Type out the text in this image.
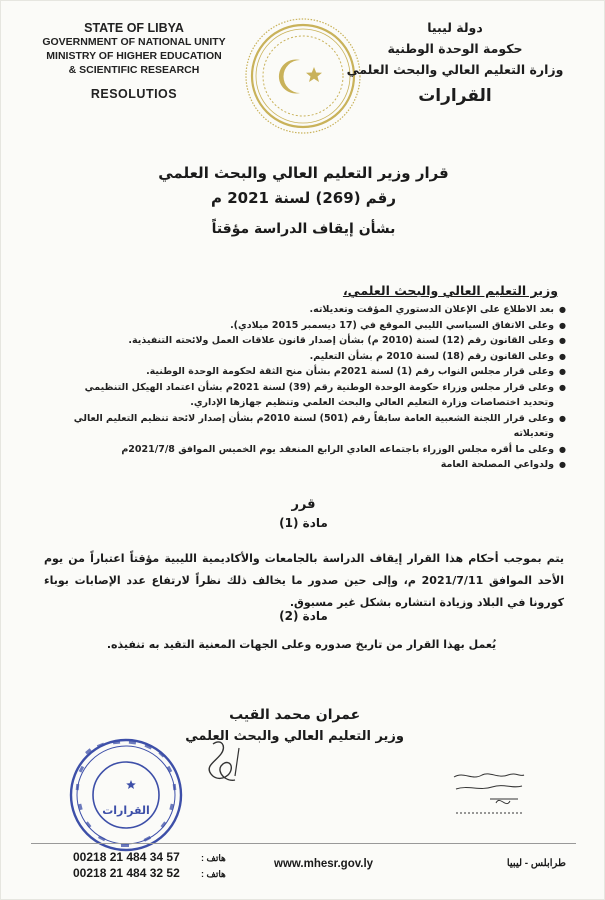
STATE OF LIBYA
GOVERNMENT OF NATIONAL UNITY
MINISTRY OF HIGHER EDUCATION
& SCIENTIFIC RESEARCH
RESOLUTIOS
دولة ليبيا
حكومة الوحدة الوطنية
وزارة التعليم العالي والبحث العلمي
القرارات
قرار وزير التعليم العالي والبحث العلمي
رقم (269) لسنة 2021 م
بشأن إيقاف الدراسة مؤقتاً
وزير التعليم العالي والبحث العلمي،
● بعد الاطلاع على الإعلان الدستوري المؤقت وتعديلاته.
● وعلى الاتفاق السياسي الليبي الموقع في (17 ديسمبر 2015 ميلادي).
● وعلى القانون رقم (12) لسنة (2010 م) بشأن إصدار قانون علاقات العمل ولائحته التنفيذية.
● وعلى القانون رقم (18) لسنة 2010 م بشأن التعليم.
● وعلى قرار مجلس النواب رقم (1) لسنة 2021م بشأن منح الثقة لحكومة الوحدة الوطنية.
● وعلى قرار مجلس وزراء حكومة الوحدة الوطنية رقم (39) لسنة 2021م بشأن اعتماد الهيكل التنظيمي وتحديد اختصاصات وزارة التعليم العالي والبحث العلمي وتنظيم جهازها الإداري.
● وعلى قرار اللجنة الشعبية العامة سابقاً رقم (501) لسنة 2010م بشأن إصدار لائحة تنظيم التعليم العالي وتعديلاته
● وعلى ما أقره مجلس الوزراء باجتماعه العادي الرابع المنعقد يوم الخميس الموافق 2021/7/8م
● ولدواعي المصلحة العامة
قرر
مادة (1)
يتم بموجب أحكام هذا القرار إيقاف الدراسة بالجامعات والأكاديمية الليبية مؤقتاً اعتباراً من يوم الأحد الموافق 2021/7/11 م، وإلى حين صدور ما يخالف ذلك نظراً لارتفاع عدد الإصابات بوباء كورونا في البلاد وزيادة انتشاره بشكل غير مسبوق.
مادة (2)
يُعمل بهذا القرار من تاريخ صدوره وعلى الجهات المعنية التقيد به تنفيذه.
عمران محمد القيب
وزير التعليم العالي والبحث العلمي
القرارات
00218 21 484 34 57
00218 21 484 32 52
هاتف :
هاتف :
www.mhesr.gov.ly	طرابلس - ليبيا
